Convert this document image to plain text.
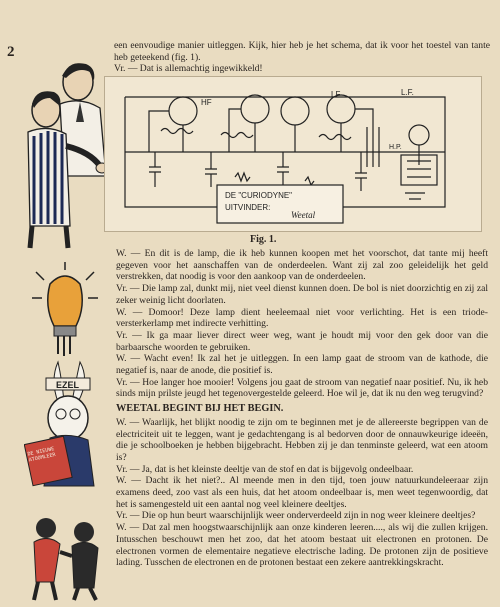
2	een eenvoudige manier uitleggen. Kijk, hier heb je het schema, dat ik voor het toestel van tante heb geteekend (fig. 1).

Vr. — Dat is allemachtig ingewikkeld!

HF
LF	L.F.
H.P.
DE "CURIODYNE"
UITVINDER:
Weetal
Fig. 1.
EZEL
DE NIEUWE ATOOMLEER

W. — En dit is de lamp, die ik heb kunnen koopen met het voorschot, dat tante mij heeft gegeven voor het aanschaffen van de onderdeelen. Want zij zal zoo geleidelijk het geld verstrekken, dat noodig is voor den aankoop van de onderdeelen.

Vr. — Die lamp zal, dunkt mij, niet veel dienst kunnen doen. De bol is niet doorzichtig en zij zal zeker weinig licht doorlaten.

W. — Domoor! Deze lamp dient heeleemaal niet voor verlichting. Het is een triode-versterkerlamp met indirecte verhitting.

Vr. — Ik ga maar liever direct weer weg, want je houdt mij voor den gek door van die barbaarsche woorden te gebruiken.

W. — Wacht even! Ik zal het je uitleggen. In een lamp gaat de stroom van de kathode, die negatief is, naar de anode, die positief is.

Vr. — Hoe langer hoe mooier! Volgens jou gaat de stroom van negatief naar positief. Nu, ik heb sinds mijn prilste jeugd het tegenovergestelde geleerd. Hoe wil je, dat ik nu den weg terugvind?

WEETAL BEGINT BIJ HET BEGIN.

W. — Waarlijk, het blijkt noodig te zijn om te beginnen met je de allereerste begrippen van de electriciteit uit te leggen, want je gedachtengang is al bedorven door de onnauwkeurige ideeën, die je schoolboeken je hebben bijgebracht. Hebben zij je dan tenminste geleerd, wat een atoom is?

Vr. — Ja, dat is het kleinste deeltje van de stof en dat is bijgevolg ondeelbaar.

W. — Dacht ik het niet?.. Al meende men in den tijd, toen jouw natuurkundeleeraar zijn examens deed, zoo vast als een huis, dat het atoom ondeelbaar is, men weet tegenwoordig, dat het is samengesteld uit een aantal nog veel kleinere deeltjes.

Vr. — Die op hun beurt waarschijnlijk weer onderverdeeld zijn in nog weer kleinere deeltjes?

W. — Dat zal men hoogstwaarschijnlijk aan onze kinderen leeren...., als wij die zullen krijgen. Intusschen beschouwt men het zoo, dat het atoom bestaat uit electronen en protonen. De electronen vormen de elementaire negatieve electrische lading. De protonen zijn de positieve lading. Tusschen de electronen en de protonen bestaat een zekere aantrekkingskracht.
